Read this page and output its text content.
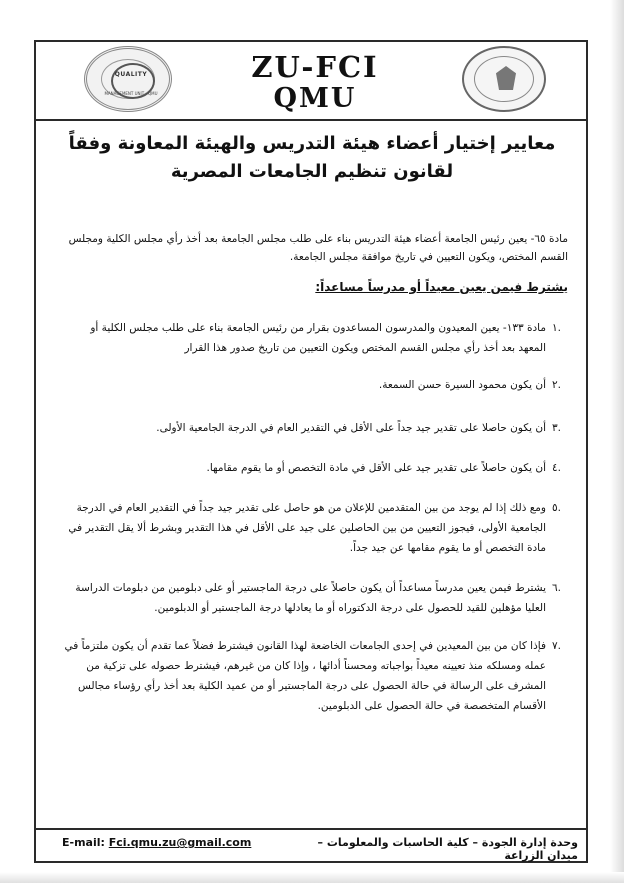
QUALITY
MANAGEMENT UNIT · QMU
ZU-FCI
QMU
معايير إختيار أعضاء هيئة التدريس والهيئة المعاونة وفقاً لقانون تنظيم الجامعات المصرية
مادة ٦٥- يعين رئيس الجامعة أعضاء هيئة التدريس بناء على طلب مجلس الجامعة بعد أخذ رأي مجلس الكلية ومجلس القسم المختص، ويكون التعيين في تاريخ موافقة مجلس الجامعة.
يشترط فيمن يعين معيداً أو مدرساً مساعداً:
.١
مادة ١٣٣- يعين المعيدون والمدرسون المساعدون بقرار من رئيس الجامعة بناء على طلب مجلس الكلية أو المعهد بعد أخذ رأي مجلس القسم المختص ويكون التعيين من تاريخ صدور هذا القرار
.٢
أن يكون محمود السيرة حسن السمعة.
.٣
أن يكون حاصلا على تقدير جيد جداً على الأقل في التقدير العام في الدرجة الجامعية الأولى.
.٤
أن يكون حاصلاً على تقدير جيد على الأقل في مادة التخصص أو ما يقوم مقامها.
.٥
ومع ذلك إذا لم يوجد من بين المتقدمين للإعلان من هو حاصل على تقدير جيد جداً في التقدير العام في الدرجة الجامعية الأولى، فيجوز التعيين من بين الحاصلين على جيد على الأقل في هذا التقدير وبشرط ألا يقل التقدير في مادة التخصص أو ما يقوم مقامها عن جيد جداً.
.٦
يشترط فيمن يعين مدرساً مساعداً أن يكون حاصلاً على درجة الماجستير أو على دبلومين من دبلومات الدراسة العليا مؤهلين للقيد للحصول على درجة الدكتوراه أو ما يعادلها درجة الماجستير أو الدبلومين.
.٧
فإذا كان من بين المعيدين في إحدى الجامعات الخاضعة لهذا القانون فيشترط فضلاً عما تقدم أن يكون ملتزماً في عمله ومسلكه منذ تعيينه معيداً بواجباته ومحسناً أدائها ، وإذا كان من غيرهم، فيشترط حصوله على تزكية من المشرف على الرسالة في حالة الحصول على درجة الماجستير أو من عميد الكلية بعد أخذ رأي رؤساء مجالس الأقسام المتخصصة في حالة الحصول على الدبلومين.
وحدة إدارة الجودة – كلية الحاسبات والمعلومات – ميدان الزراعة
E-mail: Fci.qmu.zu@gmail.com
